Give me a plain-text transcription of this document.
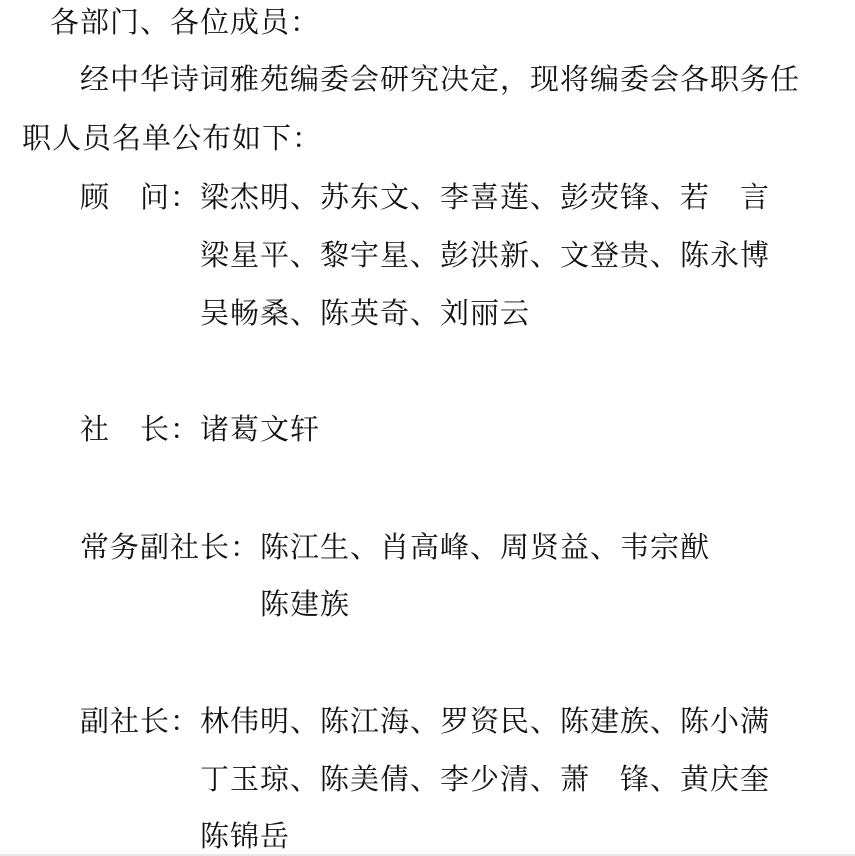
各部门、各位成员：
经中华诗词雅苑编委会研究决定，现将编委会各职务任
职人员名单公布如下：
顾 问： 梁杰明、苏东文、李喜莲、彭荧锋、若　言
梁星平、黎宇星、彭洪新、文登贵、陈永博
吴畅桑、陈英奇、刘丽云
社 长： 诸葛文轩
常务副社长： 陈江生、肖高峰、周贤益、韦宗猷
陈建族
副社长： 林伟明、陈江海、罗资民、陈建族、陈小满
丁玉琼、陈美倩、李少清、萧　锋、黄庆奎
陈锦岳
